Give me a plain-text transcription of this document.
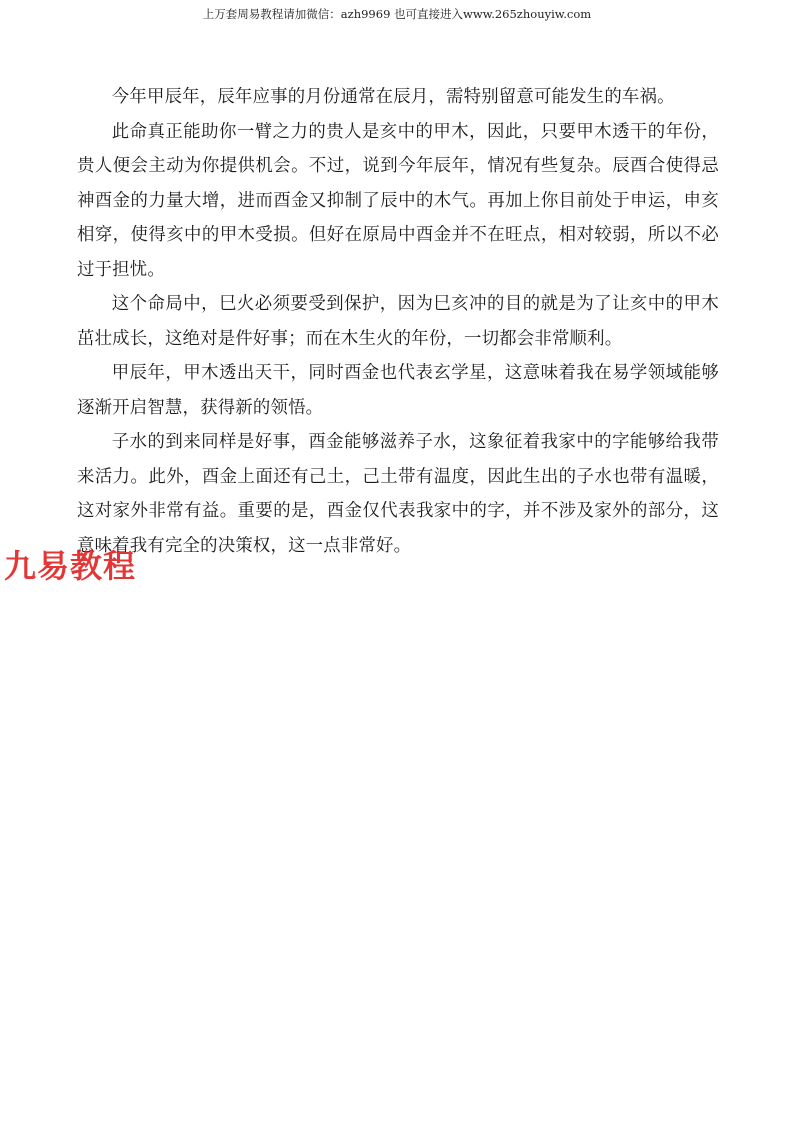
上万套周易教程请加微信：azh9969 也可直接进入www.265zhouyiw.com

今年甲辰年，辰年应事的月份通常在辰月，需特别留意可能发生的车祸。

此命真正能助你一臂之力的贵人是亥中的甲木，因此，只要甲木透干的年份，贵人便会主动为你提供机会。不过，说到今年辰年，情况有些复杂。辰酉合使得忌神酉金的力量大增，进而酉金又抑制了辰中的木气。再加上你目前处于申运，申亥相穿，使得亥中的甲木受损。但好在原局中酉金并不在旺点，相对较弱，所以不必过于担忧。

这个命局中，巳火必须要受到保护，因为巳亥冲的目的就是为了让亥中的甲木茁壮成长，这绝对是件好事；而在木生火的年份，一切都会非常顺利。

甲辰年，甲木透出天干，同时酉金也代表玄学星，这意味着我在易学领域能够逐渐开启智慧，获得新的领悟。

子水的到来同样是好事，酉金能够滋养子水，这象征着我家中的字能够给我带来活力。此外，酉金上面还有己土，己土带有温度，因此生出的子水也带有温暖，这对家外非常有益。重要的是，酉金仅代表我家中的字，并不涉及家外的部分，这意味着我有完全的决策权，这一点非常好。

九易教程
